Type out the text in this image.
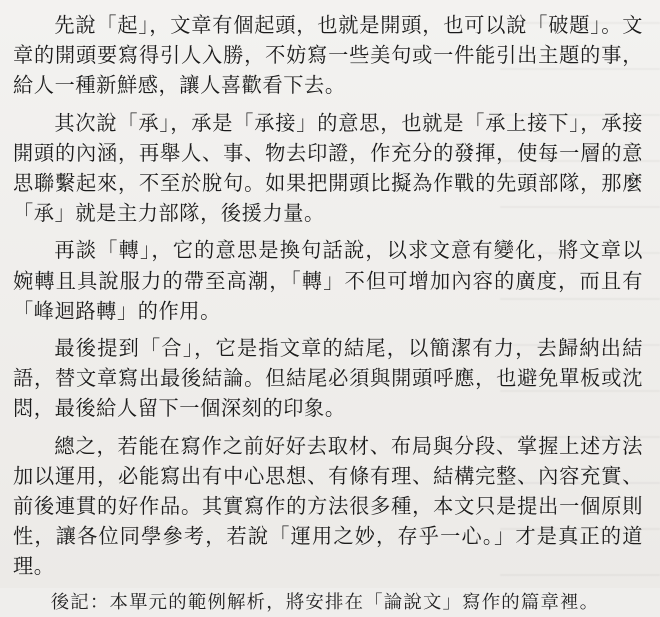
先說「起」，文章有個起頭，也就是開頭，也可以說「破題」。文章的開頭要寫得引人入勝，不妨寫一些美句或一件能引出主題的事，給人一種新鮮感，讓人喜歡看下去。

其次說「承」，承是「承接」的意思，也就是「承上接下」，承接開頭的內涵，再舉人、事、物去印證，作充分的發揮，使每一層的意思聯繫起來，不至於脫句。如果把開頭比擬為作戰的先頭部隊，那麼「承」就是主力部隊，後援力量。

再談「轉」，它的意思是換句話說，以求文意有變化，將文章以婉轉且具說服力的帶至高潮，「轉」不但可增加內容的廣度，而且有「峰迴路轉」的作用。

最後提到「合」，它是指文章的結尾，以簡潔有力，去歸納出結語，替文章寫出最後結論。但結尾必須與開頭呼應，也避免單板或沈悶，最後給人留下一個深刻的印象。

總之，若能在寫作之前好好去取材、布局與分段、掌握上述方法加以運用，必能寫出有中心思想、有條有理、結構完整、內容充實、前後連貫的好作品。其實寫作的方法很多種，本文只是提出一個原則性，讓各位同學參考，若說「運用之妙，存乎一心。」才是真正的道理。

後記：本單元的範例解析，將安排在「論說文」寫作的篇章裡。
